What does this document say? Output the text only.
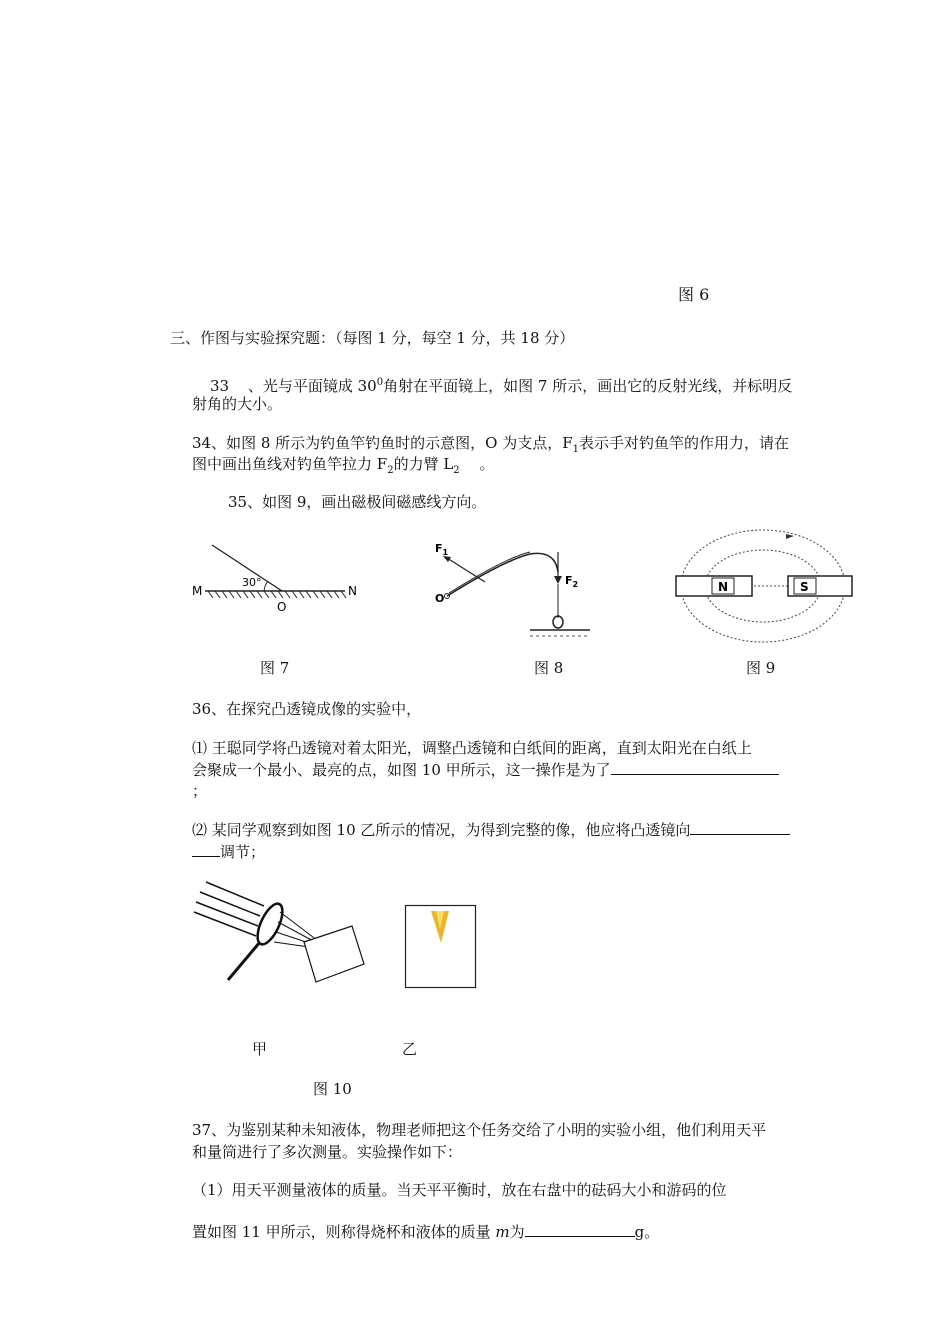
图 6
三、作图与实验探究题：（每图 1 分，每空 1 分，共 18 分）
33 、光与平面镜成 $30^0$角射在平面镜上，如图 7 所示，画出它的反射光线，并标明反
射角的大小。
34、如图 8 所示为钓鱼竿钓鱼时的示意图，O 为支点，$F_1$表示手对钓鱼竿的作用力，请在
图中画出鱼线对钓鱼竿拉力 $F_2$的力臂 $L_2$　 。
35、如图 9，画出磁极间磁感线方向。
M	N
O
30°
图 7
$F_1$
$F_2$
O
图 8
N	S
图 9
36、在探究凸透镜成像的实验中，
⑴ 王聪同学将凸透镜对着太阳光，调整凸透镜和白纸间的距离，直到太阳光在白纸上
会聚成一个最小、最亮的点，如图 10 甲所示，这一操作是为了
；
⑵ 某同学观察到如图 10 乙所示的情况，为得到完整的像，他应将凸透镜向
调节；
甲	乙
图 10
37、为鉴别某种未知液体，物理老师把这个任务交给了小明的实验小组，他们利用天平
和量筒进行了多次测量。实验操作如下：
（1）用天平测量液体的质量。当天平平衡时，放在右盘中的砝码大小和游码的位
置如图 11 甲所示，则称得烧杯和液体的质量 m为	g。
